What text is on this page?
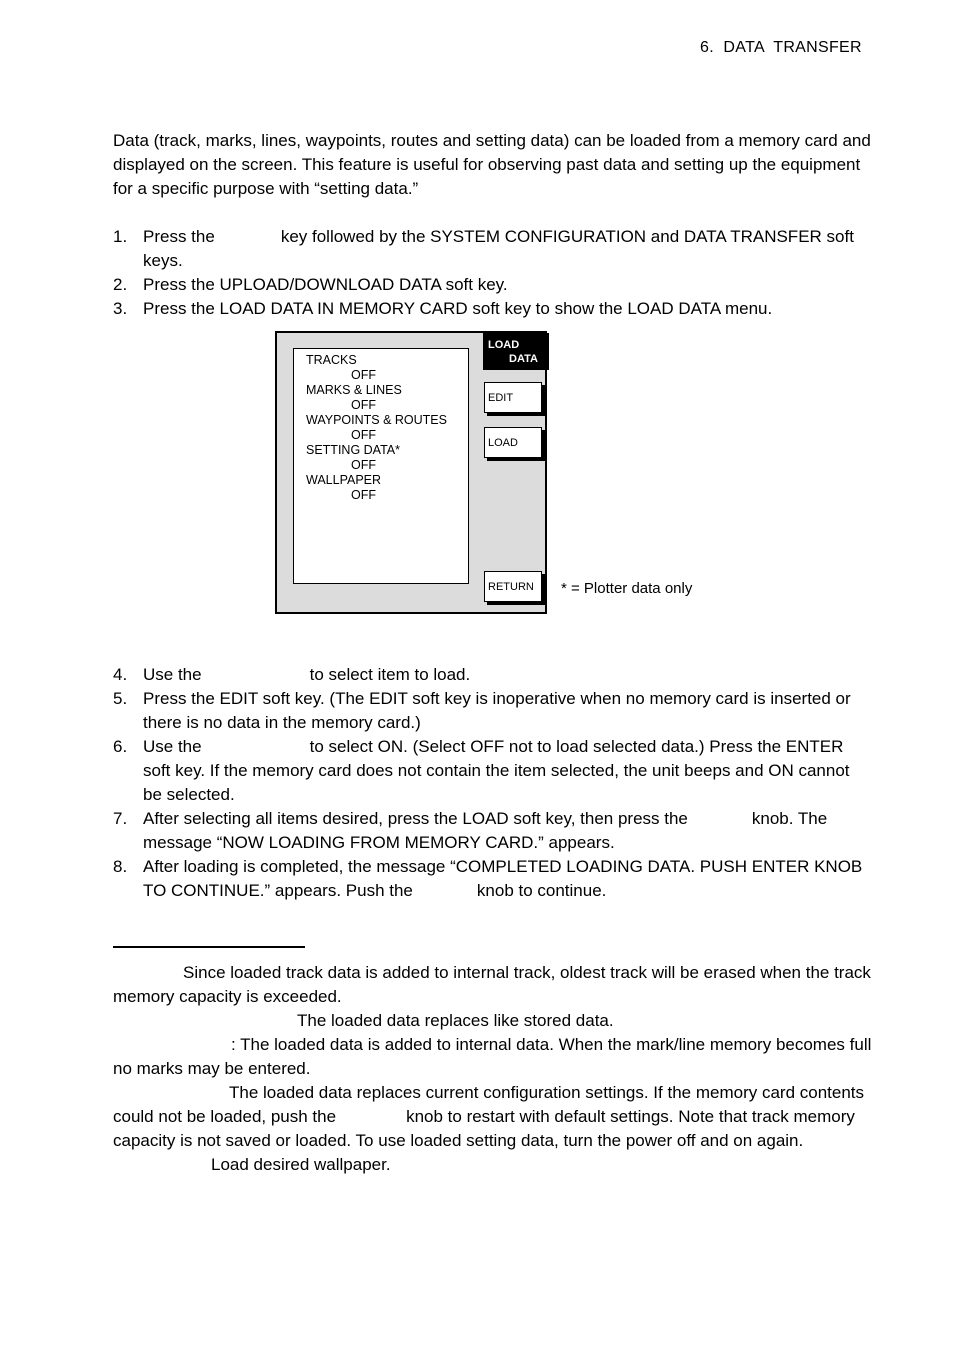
6.  DATA  TRANSFER
Data (track, marks, lines, waypoints, routes and setting data) can be loaded from a memory card and displayed on the screen. This feature is useful for observing past data and setting up the equipment for a specific purpose with “setting data.”
1. Press the	key followed by the SYSTEM CONFIGURATION and DATA TRANSFER soft keys.
2. Press the UPLOAD/DOWNLOAD DATA soft key.
3. Press the LOAD DATA IN MEMORY CARD soft key to show the LOAD DATA menu.
TRACKS
OFF
MARKS & LINES
OFF
WAYPOINTS & ROUTES
OFF
SETTING DATA*
OFF
WALLPAPER
OFF
LOAD
DATA
EDIT
LOAD
RETURN	* = Plotter data only
4. Use the	to select item to load.
5. Press the EDIT soft key. (The EDIT soft key is inoperative when no memory card is inserted or there is no data in the memory card.)
6. Use the	to select ON. (Select OFF not to load selected data.) Press the ENTER soft key. If the memory card does not contain the item selected, the unit beeps and ON cannot be selected.
7. After selecting all items desired, press the LOAD soft key, then press the	knob. The message “NOW LOADING FROM MEMORY CARD.” appears.
8. After loading is completed, the message “COMPLETED LOADING DATA. PUSH ENTER KNOB TO CONTINUE.” appears. Push the	knob to continue.
Since loaded track data is added to internal track, oldest track will be erased when the track memory capacity is exceeded.
The loaded data replaces like stored data.
: The loaded data is added to internal data. When the mark/line memory becomes full no marks may be entered.
The loaded data replaces current configuration settings. If the memory card contents could not be loaded, push the	knob to restart with default settings. Note that track memory capacity is not saved or loaded. To use loaded setting data, turn the power off and on again.
Load desired wallpaper.
